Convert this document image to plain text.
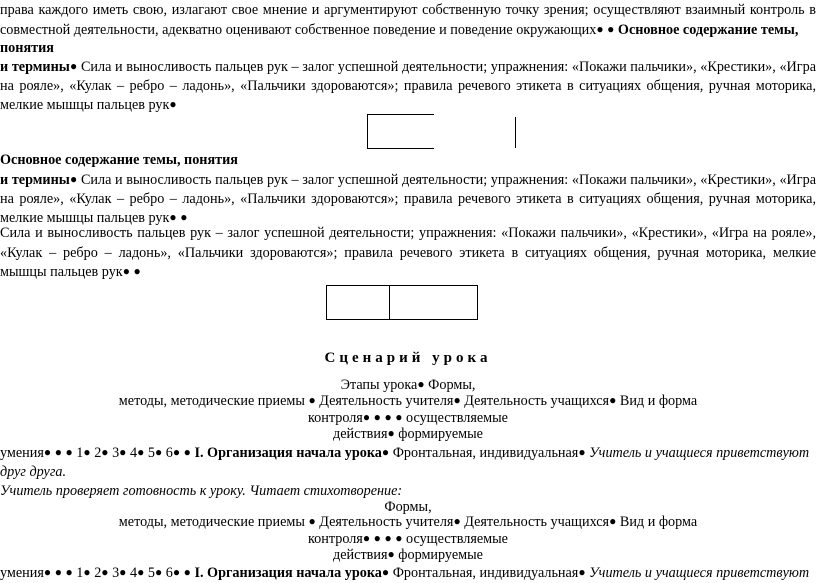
права каждого иметь свою, излагают свое мнение и аргументируют собственную точку зрения; осуществляют взаимный контроль в
совместной деятельности, адекватно оценивают собственное поведение и поведение окружающих● ● Основное содержание темы,
понятия
и термины● Сила и выносливость пальцев рук – залог успешной деятельности; упражнения: «Покажи пальчики», «Крестики», «Игра
на рояле», «Кулак – ребро – ладонь», «Пальчики здороваются»; правила речевого этикета в ситуациях общения, ручная моторика,
мелкие мышцы пальцев рук●
Основное содержание темы, понятия
и термины● Сила и выносливость пальцев рук – залог успешной деятельности; упражнения: «Покажи пальчики», «Крестики», «Игра
на рояле», «Кулак – ребро – ладонь», «Пальчики здороваются»; правила речевого этикета в ситуациях общения, ручная моторика,
мелкие мышцы пальцев рук● ●
Сила и выносливость пальцев рук – залог успешной деятельности; упражнения: «Покажи пальчики», «Крестики», «Игра на рояле»,
«Кулак – ребро – ладонь», «Пальчики здороваются»; правила речевого этикета в ситуациях общения, ручная моторика, мелкие
мышцы пальцев рук● ●
Сценарий урока
Этапы урока● Формы,
методы, методические приемы ● Деятельность учителя● Деятельность учащихся● Вид и форма
контроля● ● ● ● осуществляемые
действия● формируемые
умения● ● ● 1● 2● 3● 4● 5● 6● ● I. Организация начала урока● Фронтальная, индивидуальная● Учитель и учащиеся приветствуют
друг друга.
Учитель проверяет готовность к уроку. Читает стихотворение:
Формы,
методы, методические приемы ● Деятельность учителя● Деятельность учащихся● Вид и форма
контроля● ● ● ● осуществляемые
действия● формируемые
умения● ● ● 1● 2● 3● 4● 5● 6● ● I. Организация начала урока● Фронтальная, индивидуальная● Учитель и учащиеся приветствуют
